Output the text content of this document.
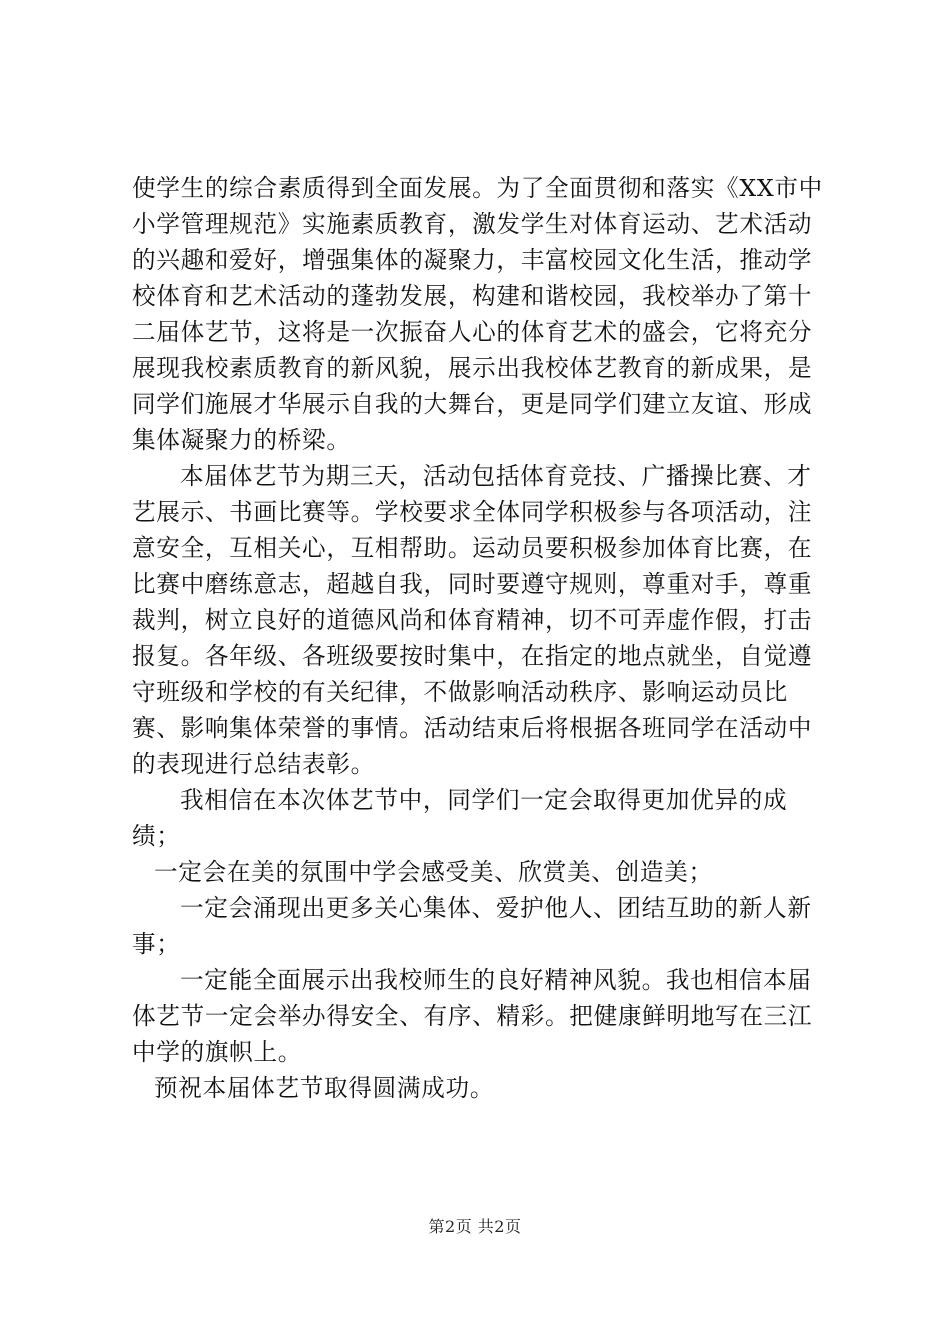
使学生的综合素质得到全面发展。为了全面贯彻和落实《XX市中小学管理规范》实施素质教育，激发学生对体育运动、艺术活动的兴趣和爱好，增强集体的凝聚力，丰富校园文化生活，推动学校体育和艺术活动的蓬勃发展，构建和谐校园，我校举办了第十二届体艺节，这将是一次振奋人心的体育艺术的盛会，它将充分展现我校素质教育的新风貌，展示出我校体艺教育的新成果，是同学们施展才华展示自我的大舞台，更是同学们建立友谊、形成集体凝聚力的桥梁。

本届体艺节为期三天，活动包括体育竞技、广播操比赛、才艺展示、书画比赛等。学校要求全体同学积极参与各项活动，注意安全，互相关心，互相帮助。运动员要积极参加体育比赛，在比赛中磨练意志，超越自我，同时要遵守规则，尊重对手，尊重裁判，树立良好的道德风尚和体育精神，切不可弄虚作假，打击报复。各年级、各班级要按时集中，在指定的地点就坐，自觉遵守班级和学校的有关纪律，不做影响活动秩序、影响运动员比赛、影响集体荣誉的事情。活动结束后将根据各班同学在活动中的表现进行总结表彰。

我相信在本次体艺节中，同学们一定会取得更加优异的成绩；

一定会在美的氛围中学会感受美、欣赏美、创造美；

一定会涌现出更多关心集体、爱护他人、团结互助的新人新事；

一定能全面展示出我校师生的良好精神风貌。我也相信本届体艺节一定会举办得安全、有序、精彩。把健康鲜明地写在三江中学的旗帜上。

预祝本届体艺节取得圆满成功。

第2页 共2页
